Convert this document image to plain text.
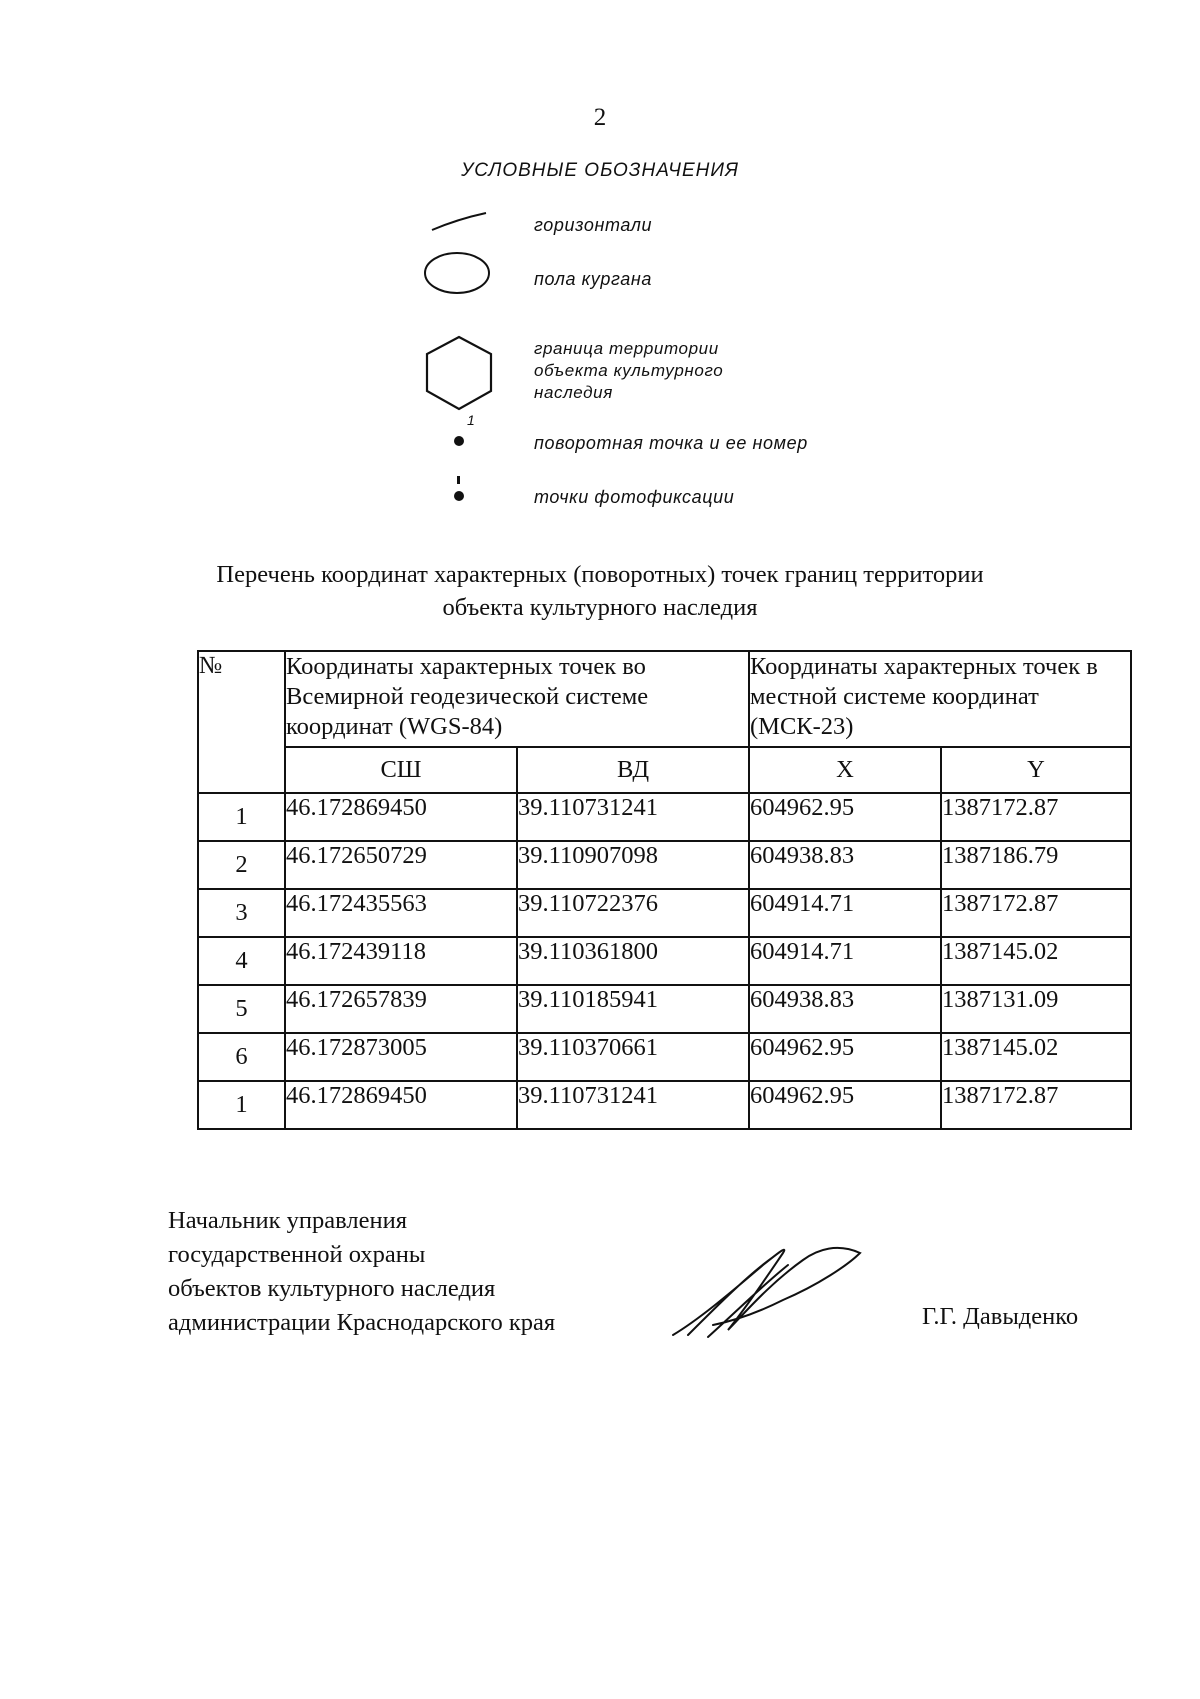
2
УСЛОВНЫЕ ОБОЗНАЧЕНИЯ
горизонтали
пола кургана
граница территории объекта культурного наследия
1
поворотная точка и ее номер
точки фотофиксации
Перечень координат характерных (поворотных) точек границ территории
объекта культурного наследия
№	Координаты характерных точек во Всемирной геодезической системе координат (WGS-84)		Координаты характерных точек в местной системе координат (МСК-23)	
	СШ	ВД	X	Y
1	46.172869450	39.110731241	604962.95	1387172.87
2	46.172650729	39.110907098	604938.83	1387186.79
3	46.172435563	39.110722376	604914.71	1387172.87
4	46.172439118	39.110361800	604914.71	1387145.02
5	46.172657839	39.110185941	604938.83	1387131.09
6	46.172873005	39.110370661	604962.95	1387145.02
1	46.172869450	39.110731241	604962.95	1387172.87
Начальник управления
государственной охраны
объектов культурного наследия
администрации Краснодарского края	Г.Г. Давыденко
